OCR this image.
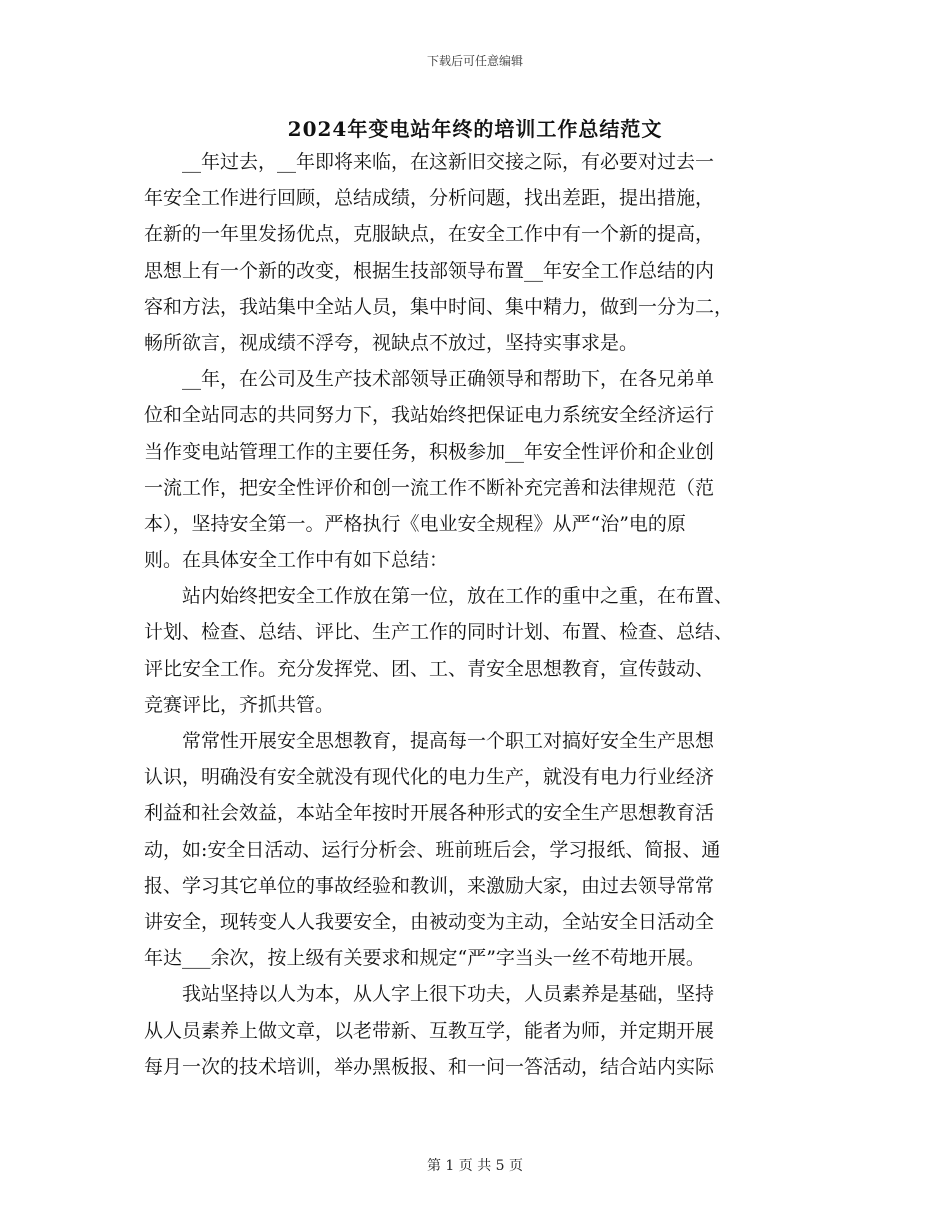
下载后可任意编辑
2024年变电站年终的培训工作总结范文

__年过去，__年即将来临，在这新旧交接之际，有必要对过去一
年安全工作进行回顾，总结成绩，分析问题，找出差距，提出措施，
在新的一年里发扬优点，克服缺点，在安全工作中有一个新的提高，
思想上有一个新的改变，根据生技部领导布置__年安全工作总结的内
容和方法，我站集中全站人员，集中时间、集中精力，做到一分为二，
畅所欲言，视成绩不浮夸，视缺点不放过，坚持实事求是。

__年，在公司及生产技术部领导正确领导和帮助下，在各兄弟单
位和全站同志的共同努力下，我站始终把保证电力系统安全经济运行
当作变电站管理工作的主要任务，积极参加__年安全性评价和企业创
一流工作，把安全性评价和创一流工作不断补充完善和法律规范（范
本），坚持安全第一。严格执行《电业安全规程》从严“治”电的原
则。在具体安全工作中有如下总结：

站内始终把安全工作放在第一位，放在工作的重中之重，在布置、
计划、检查、总结、评比、生产工作的同时计划、布置、检查、总结、
评比安全工作。充分发挥党、团、工、青安全思想教育，宣传鼓动、
竞赛评比，齐抓共管。

常常性开展安全思想教育，提高每一个职工对搞好安全生产思想
认识，明确没有安全就没有现代化的电力生产，就没有电力行业经济
利益和社会效益，本站全年按时开展各种形式的安全生产思想教育活
动，如:安全日活动、运行分析会、班前班后会，学习报纸、简报、通
报、学习其它单位的事故经验和教训，来激励大家，由过去领导常常
讲安全，现转变人人我要安全，由被动变为主动，全站安全日活动全
年达___余次，按上级有关要求和规定“严”字当头一丝不苟地开展。

我站坚持以人为本，从人字上很下功夫，人员素养是基础，坚持
从人员素养上做文章，以老带新、互教互学，能者为师，并定期开展
每月一次的技术培训，举办黑板报、和一问一答活动，结合站内实际

第 1 页 共 5 页
